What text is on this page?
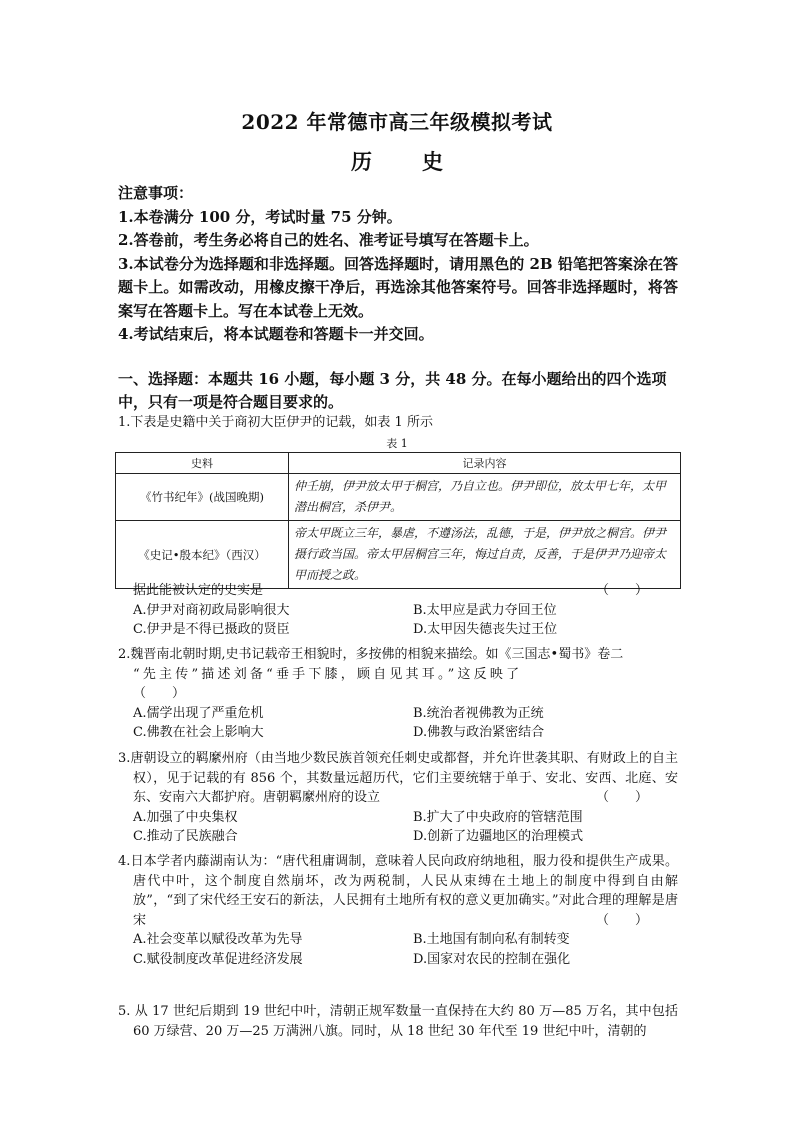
2022 年常德市高三年级模拟考试
历 史

注意事项：

1.本卷满分 100 分，考试时量 75 分钟。

2.答卷前，考生务必将自己的姓名、准考证号填写在答题卡上。

3.本试卷分为选择题和非选择题。回答选择题时，请用黑色的 2B 铅笔把答案涂在答题卡上。如需改动，用橡皮擦干净后，再选涂其他答案符号。回答非选择题时，将答案写在答题卡上。写在本试卷上无效。

4.考试结束后，将本试题卷和答题卡一并交回。

一、选择题：本题共 16 小题，每小题 3 分，共 48 分。在每小题给出的四个选项中，只有一项是符合题目要求的。

1.下表是史籍中关于商初大臣伊尹的记载，如表 1 所示

表 1
史料	记录内容
《竹书纪年》(战国晚期)	仲壬崩，伊尹放太甲于桐宫，乃自立也。伊尹即位，放太甲七年，太甲潜出桐宫，杀伊尹。
《史记•殷本纪》（西汉）	帝太甲既立三年，暴虐，不遵汤法，乱德，于是，伊尹放之桐宫。伊尹摄行政当国。帝太甲居桐宫三年，悔过自责，反善，于是伊尹乃迎帝太甲而授之政。

据此能被认定的史实是	（　　）

A.伊尹对商初政局影响很大	B.太甲应是武力夺回王位
C.伊尹是不得已摄政的贤臣	D.太甲因失德丧失过王位

2.魏晋南北朝时期,史书记载帝王相貌时，多按佛的相貌来描绘。如《三国志•蜀书》卷二

“先主传”描述刘备“垂手下膝，顾自见其耳。”这反映了

（　　）

A.儒学出现了严重危机	B.统治者视佛教为正统
C.佛教在社会上影响大	D.佛教与政治紧密结合

3.唐朝设立的羁縻州府（由当地少数民族首领充任刺史或都督，并允许世袭其职、有财政上的自主权），见于记载的有 856 个，其数量远超历代，它们主要统辖于单于、安北、安西、北庭、安东、安南六大都护府。唐朝羁縻州府的设立	（　　）

A.加强了中央集权	B.扩大了中央政府的管辖范围
C.推动了民族融合	D.创新了边疆地区的治理模式

4.日本学者内藤湖南认为：“唐代租庸调制，意味着人民向政府纳地租，服力役和提供生产成果。唐代中叶，这个制度自然崩坏，改为两税制，人民从束缚在土地上的制度中得到自由解放”，“到了宋代经王安石的新法，人民拥有土地所有权的意义更加确实。”对此合理的理解是唐宋	（　　）

A.社会变革以赋役改革为先导	B.土地国有制向私有制转变
C.赋役制度改革促进经济发展	D.国家对农民的控制在强化

5. 从 17 世纪后期到 19 世纪中叶，清朝正规军数量一直保持在大约 80 万—85 万名，其中包括 60 万绿营、20 万—25 万满洲八旗。同时，从 18 世纪 30 年代至 19 世纪中叶，清朝的
